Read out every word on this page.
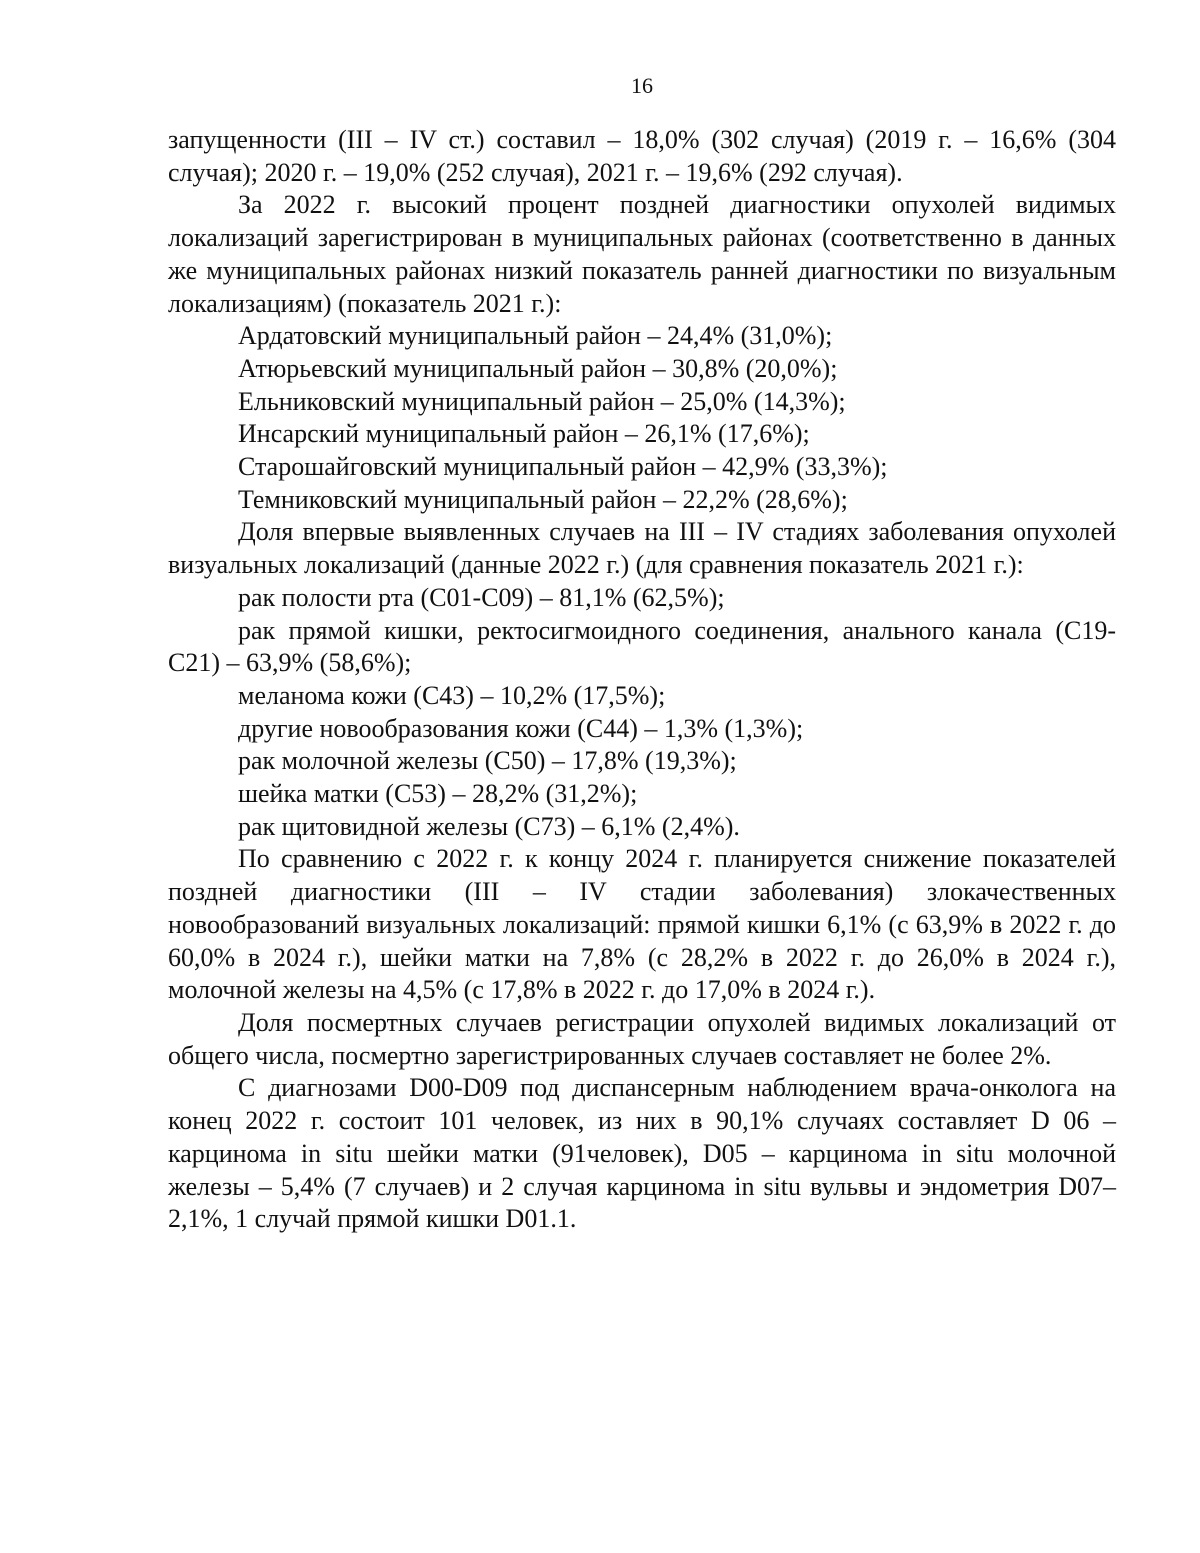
16

запущенности (III – IV ст.) составил – 18,0% (302 случая) (2019 г. – 16,6% (304 случая); 2020 г. – 19,0% (252 случая), 2021 г. – 19,6% (292 случая).

За 2022 г. высокий процент поздней диагностики опухолей видимых локализаций зарегистрирован в муниципальных районах (соответственно в данных же муниципальных районах низкий показатель ранней диагностики по визуальным локализациям) (показатель 2021 г.):

Ардатовский муниципальный район – 24,4% (31,0%);

Атюрьевский муниципальный район – 30,8% (20,0%);

Ельниковский муниципальный район – 25,0% (14,3%);

Инсарский муниципальный район – 26,1% (17,6%);

Старошайговский муниципальный район – 42,9% (33,3%);

Темниковский муниципальный район – 22,2% (28,6%);

Доля впервые выявленных случаев на III – IV стадиях заболевания опухолей визуальных локализаций (данные 2022 г.) (для сравнения показатель 2021 г.):

рак полости рта (С01-С09) – 81,1% (62,5%);

рак прямой кишки, ректосигмоидного соединения, анального канала (С19-С21) – 63,9% (58,6%);

меланома кожи (С43) – 10,2% (17,5%);

другие новообразования кожи (С44) – 1,3% (1,3%);

рак молочной железы (С50) – 17,8% (19,3%);

шейка матки (С53) – 28,2% (31,2%);

рак щитовидной железы (С73) – 6,1% (2,4%).

По сравнению с 2022 г. к концу 2024 г. планируется снижение показателей поздней диагностики (III – IV стадии заболевания) злокачественных новообразований визуальных локализаций: прямой кишки 6,1% (с 63,9% в 2022 г. до 60,0% в 2024 г.), шейки матки на 7,8% (с 28,2% в 2022 г. до 26,0% в 2024 г.), молочной железы на 4,5% (с 17,8% в 2022 г. до 17,0% в 2024 г.).

Доля посмертных случаев регистрации опухолей видимых локализаций от общего числа, посмертно зарегистрированных случаев составляет не более 2%.

С диагнозами D00-D09 под диспансерным наблюдением врача-онколога на конец 2022 г. состоит 101 человек, из них в 90,1% случаях составляет D 06 – карцинома in situ шейки матки (91человек), D05 – карцинома in situ молочной железы – 5,4% (7 случаев) и 2 случая карцинома in situ вульвы и эндометрия D07– 2,1%, 1 случай прямой кишки D01.1.
